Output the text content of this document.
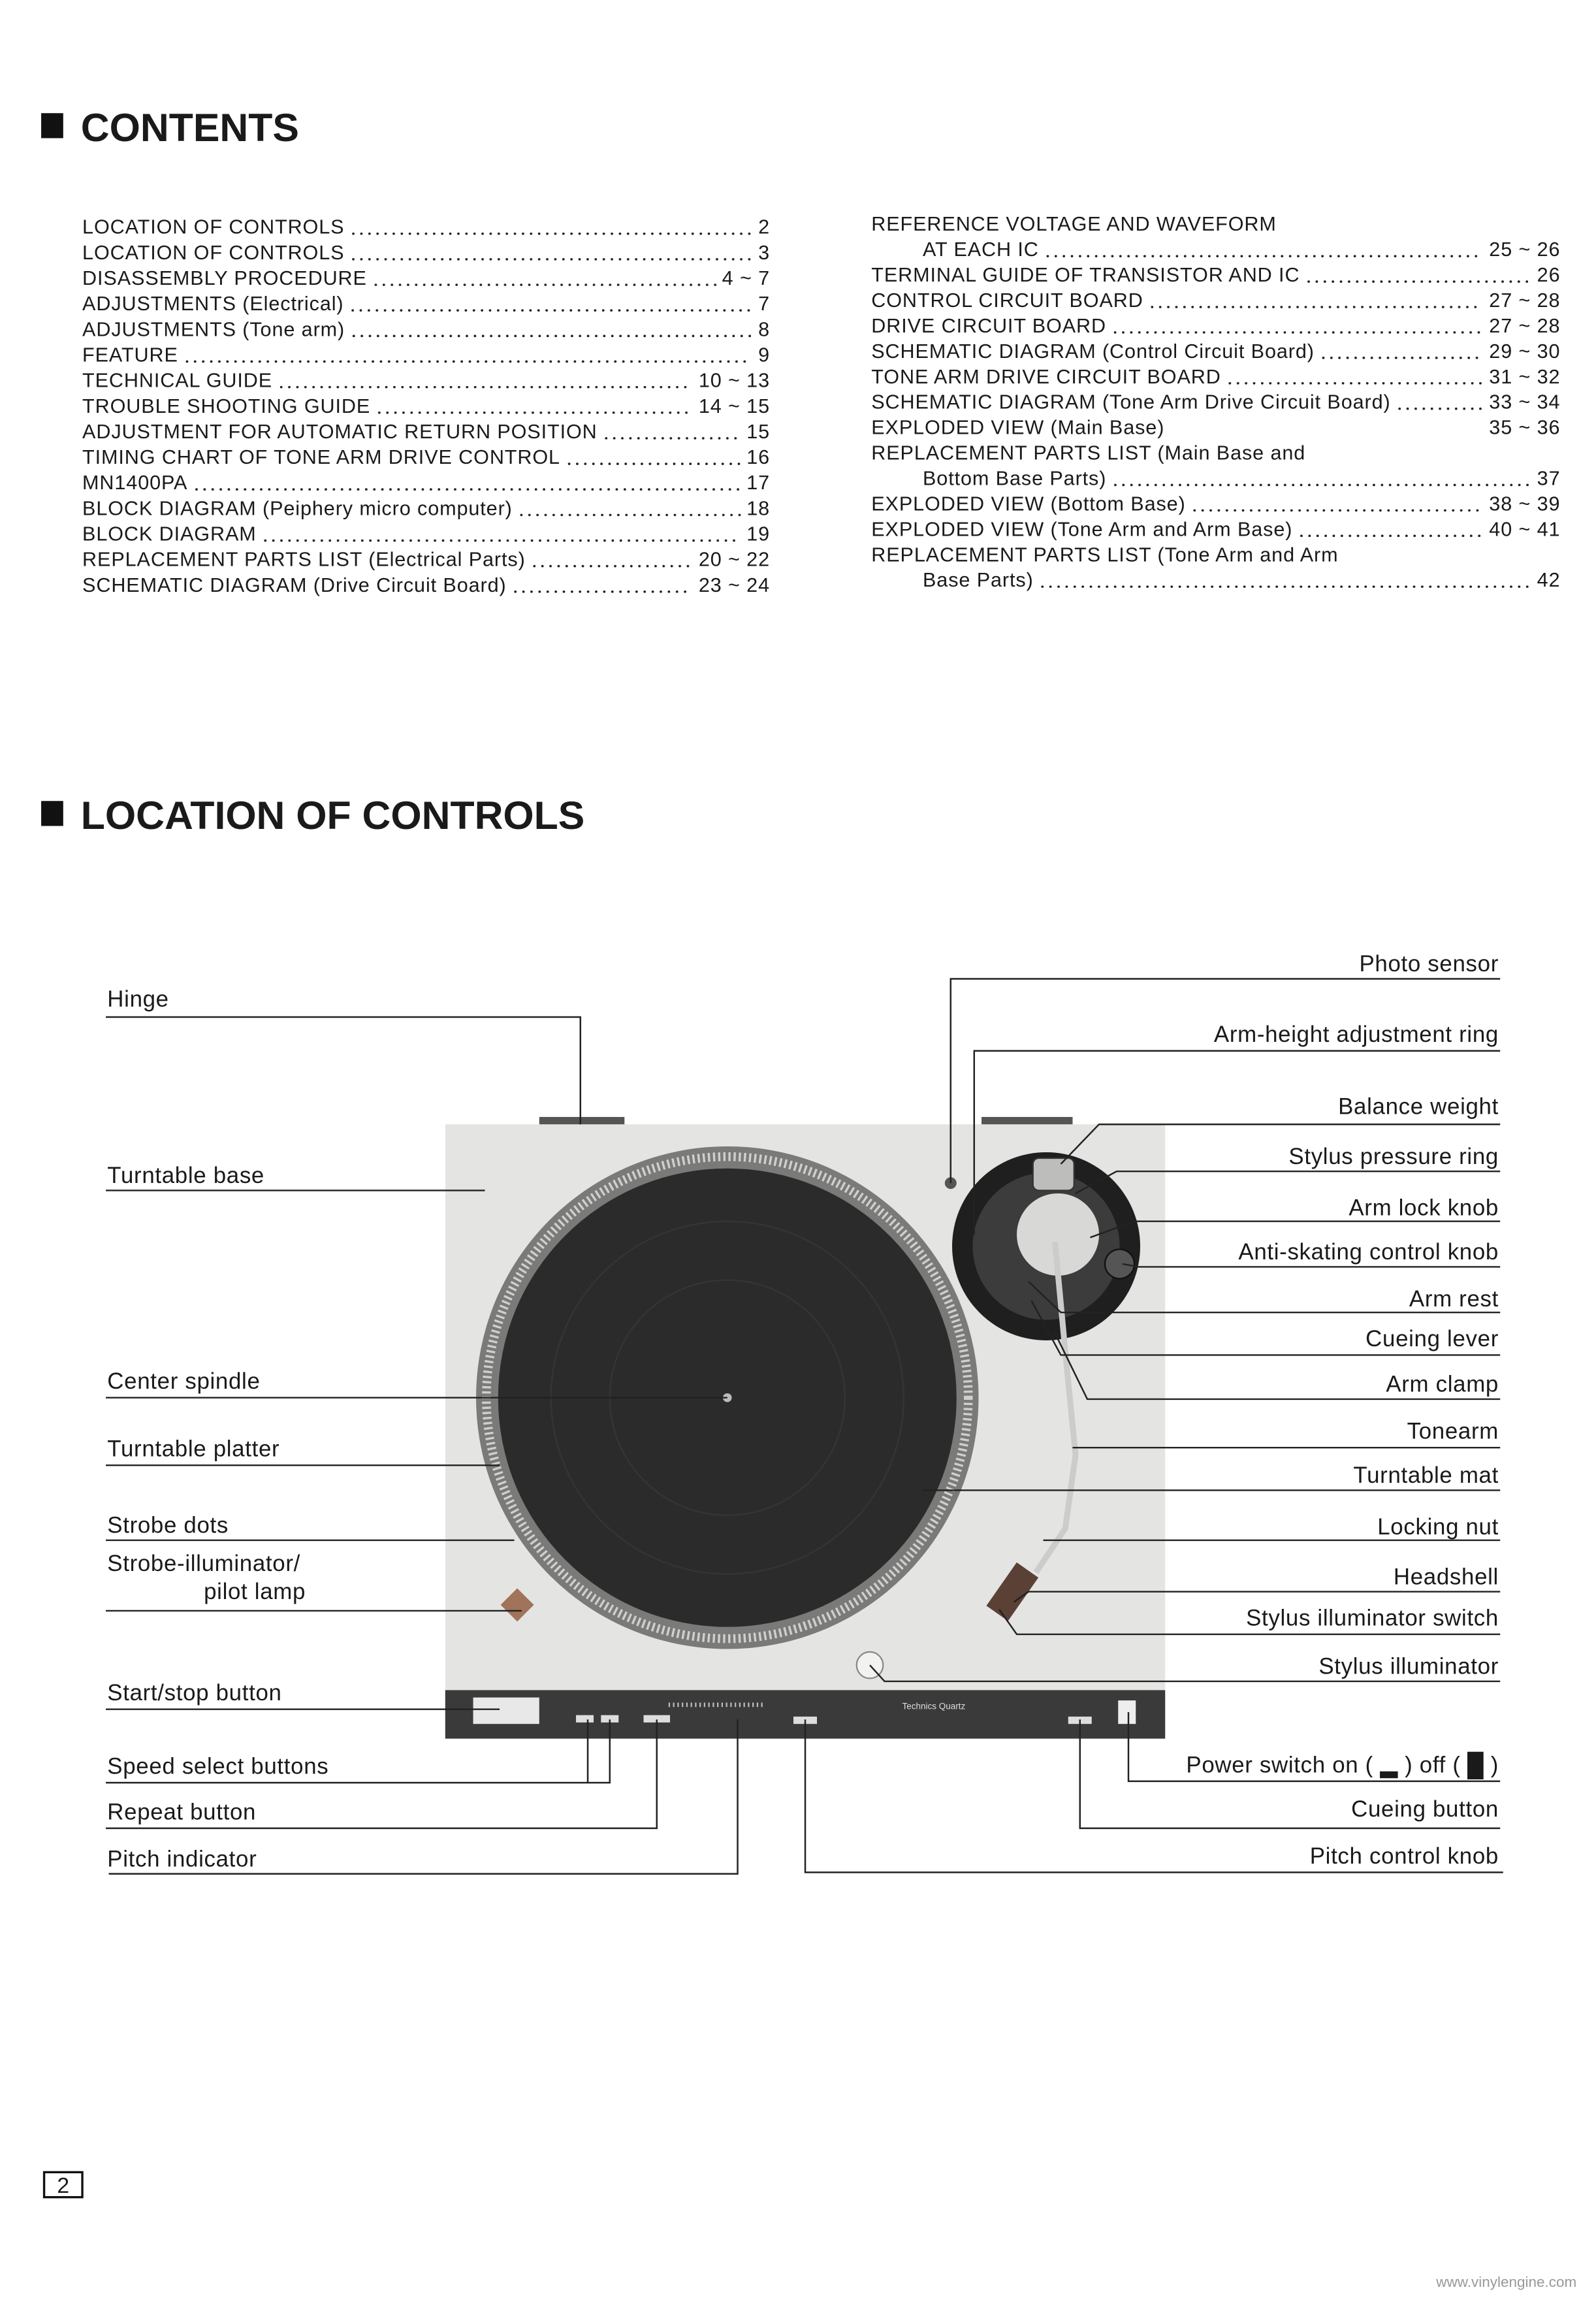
CONTENTS
LOCATION OF CONTROLS	2
LOCATION OF CONTROLS	3
DISASSEMBLY PROCEDURE	4 ~ 7
ADJUSTMENTS (Electrical)	7
ADJUSTMENTS (Tone arm)	8
FEATURE	9
TECHNICAL GUIDE	10 ~ 13
TROUBLE SHOOTING GUIDE	14 ~ 15
ADJUSTMENT FOR AUTOMATIC RETURN POSITION	15
TIMING CHART OF TONE ARM DRIVE CONTROL	16
MN1400PA	17
BLOCK DIAGRAM (Peiphery micro computer)	18
BLOCK DIAGRAM	19
REPLACEMENT PARTS LIST (Electrical Parts)	20 ~ 22
SCHEMATIC DIAGRAM (Drive Circuit Board)	23 ~ 24
REFERENCE VOLTAGE AND WAVEFORM
AT EACH IC	25 ~ 26
TERMINAL GUIDE OF TRANSISTOR AND IC	26
CONTROL CIRCUIT BOARD	27 ~ 28
DRIVE CIRCUIT BOARD	27 ~ 28
SCHEMATIC DIAGRAM (Control Circuit Board)	29 ~ 30
TONE ARM DRIVE CIRCUIT BOARD	31 ~ 32
SCHEMATIC DIAGRAM (Tone Arm Drive Circuit Board)	33 ~ 34
EXPLODED VIEW (Main Base)	35 ~ 36
REPLACEMENT PARTS LIST (Main Base and
Bottom Base Parts)	37
EXPLODED VIEW (Bottom Base)	38 ~ 39
EXPLODED VIEW (Tone Arm and Arm Base)	40 ~ 41
REPLACEMENT PARTS LIST (Tone Arm and Arm
Base Parts)	42
LOCATION OF CONTROLS
Technics Quartz
Hinge
Turntable base
Center spindle
Turntable platter
Strobe dots
Strobe-illuminator/
pilot lamp
Start/stop button
Speed select buttons
Repeat button
Pitch indicator
Photo sensor
Arm-height adjustment ring
Balance weight
Stylus pressure ring
Arm lock knob
Anti-skating control knob
Arm rest
Cueing lever
Arm clamp
Tonearm
Turntable mat
Locking nut
Headshell
Stylus illuminator switch
Stylus illuminator
Power switch on ( ▂ ) off ( █ )
Cueing button
Pitch control knob
2
www.vinylengine.com
